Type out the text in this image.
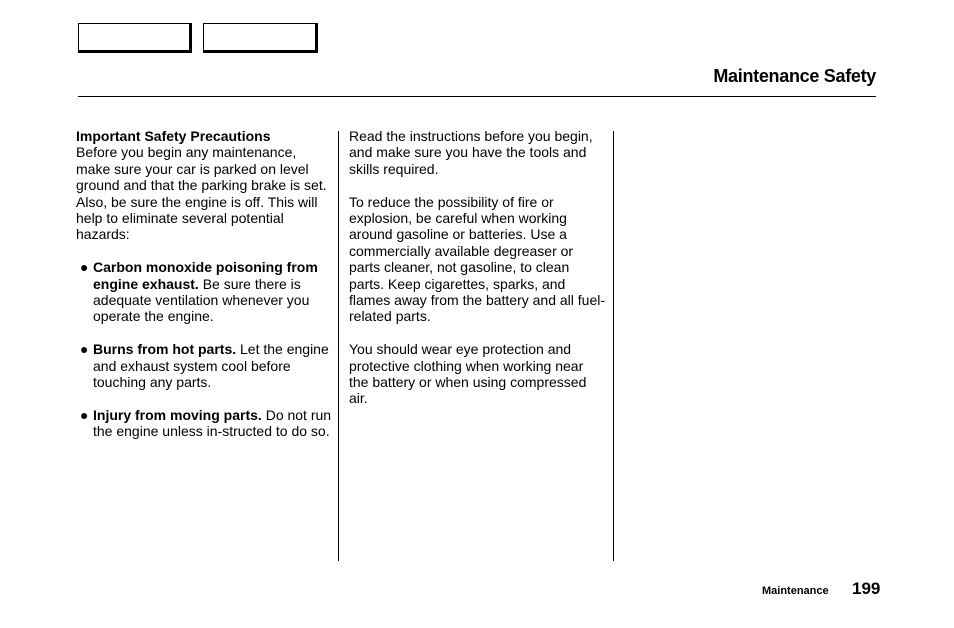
Maintenance Safety
Important Safety Precautions

Before you begin any maintenance, make sure your car is parked on level ground and that the parking brake is set. Also, be sure the engine is off. This will help to eliminate several potential hazards:

● Carbon monoxide poisoning from engine exhaust. Be sure there is adequate ventilation whenever you operate the engine.
● Burns from hot parts. Let the engine and exhaust system cool before touching any parts.
● Injury from moving parts. Do not run the engine unless in-structed to do so.

Read the instructions before you begin, and make sure you have the tools and skills required.

To reduce the possibility of fire or explosion, be careful when working around gasoline or batteries. Use a commercially available degreaser or parts cleaner, not gasoline, to clean parts. Keep cigarettes, sparks, and flames away from the battery and all fuel-related parts.

You should wear eye protection and protective clothing when working near the battery or when using compressed air.

Maintenance 199
